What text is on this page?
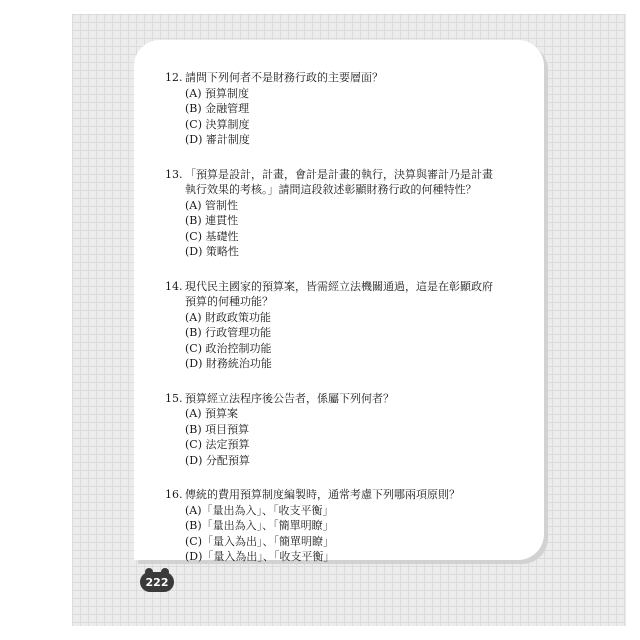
12. 請問下列何者不是財務行政的主要層面？
(A) 預算制度
(B) 金融管理
(C) 決算制度
(D) 審計制度
13. 「預算是設計，計畫，會計是計畫的執行，決算與審計乃是計畫執行效果的考核。」請問這段敘述彰顯財務行政的何種特性？
(A) 管制性
(B) 連貫性
(C) 基礎性
(D) 策略性
14. 現代民主國家的預算案，皆需經立法機關通過，這是在彰顯政府預算的何種功能？
(A) 財政政策功能
(B) 行政管理功能
(C) 政治控制功能
(D) 財務統治功能
15. 預算經立法程序後公告者，係屬下列何者？
(A) 預算案
(B) 項目預算
(C) 法定預算
(D) 分配預算
16. 傳統的費用預算制度編製時，通常考慮下列哪兩項原則？
(A)「量出為入」、「收支平衡」
(B)「量出為入」、「簡單明瞭」
(C)「量入為出」、「簡單明瞭」
(D)「量入為出」、「收支平衡」
222
